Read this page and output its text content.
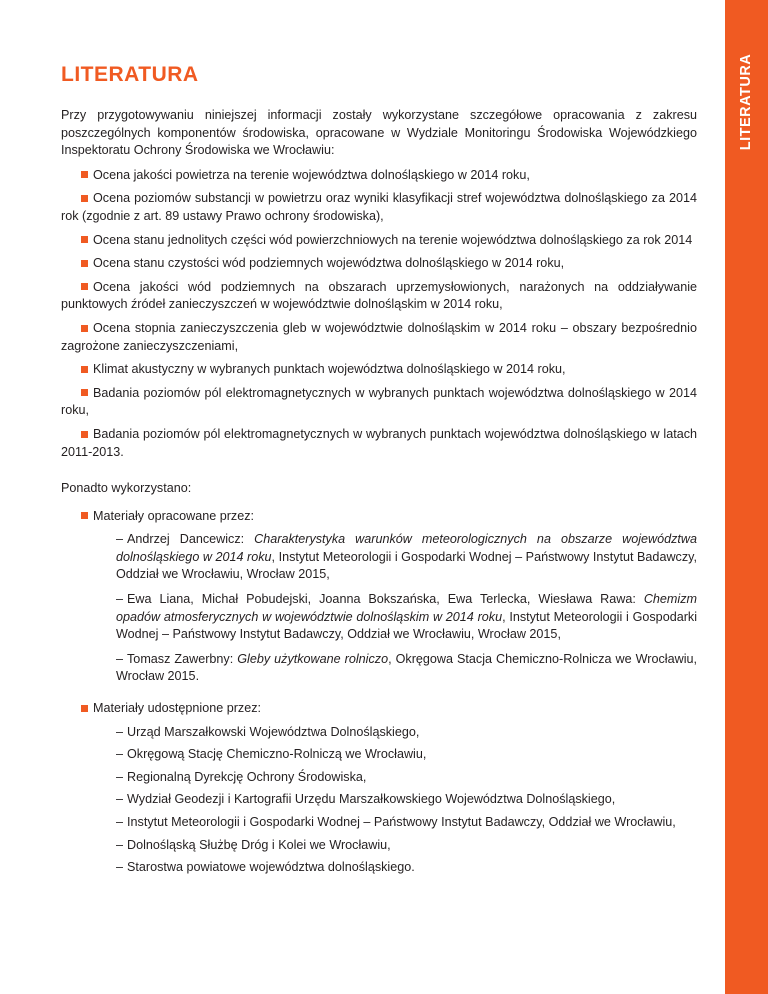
LITERATURA
LITERATURA

Przy przygotowywaniu niniejszej informacji zostały wykorzystane szczegółowe opracowania z zakresu poszczególnych komponentów środowiska, opracowane w Wydziale Monitoringu Środowiska Wojewódzkiego Inspektoratu Ochrony Środowiska we Wrocławiu:

Ocena jakości powietrza na terenie województwa dolnośląskiego w 2014 roku,

Ocena poziomów substancji w powietrzu oraz wyniki klasyfikacji stref województwa dolnośląskiego za 2014 rok (zgodnie z art. 89 ustawy Prawo ochrony środowiska),

Ocena stanu jednolitych części wód powierzchniowych na terenie województwa dolnośląskiego za rok 2014

Ocena stanu czystości wód podziemnych województwa dolnośląskiego w 2014 roku,

Ocena jakości wód podziemnych na obszarach uprzemysłowionych, narażonych na oddziaływanie punktowych źródeł zanieczyszczeń w województwie dolnośląskim w 2014 roku,

Ocena stopnia zanieczyszczenia gleb w województwie dolnośląskim w 2014 roku – obszary bezpośrednio zagrożone zanieczyszczeniami,

Klimat akustyczny w wybranych punktach województwa dolnośląskiego w 2014 roku,

Badania poziomów pól elektromagnetycznych w wybranych punktach województwa dolnośląskiego w 2014 roku,

Badania poziomów pól elektromagnetycznych w wybranych punktach województwa dolnośląskiego w latach 2011-2013.

Ponadto wykorzystano:

Materiały opracowane przez:

– Andrzej Dancewicz: Charakterystyka warunków meteorologicznych na obszarze województwa dolnośląskiego w 2014 roku, Instytut Meteorologii i Gospodarki Wodnej – Państwowy Instytut Badawczy, Oddział we Wrocławiu, Wrocław 2015,

– Ewa Liana, Michał Pobudejski, Joanna Bokszańska, Ewa Terlecka, Wiesława Rawa: Chemizm opadów atmosferycznych w województwie dolnośląskim w 2014 roku, Instytut Meteorologii i Gospodarki Wodnej – Państwowy Instytut Badawczy, Oddział we Wrocławiu, Wrocław 2015,

– Tomasz Zawerbny: Gleby użytkowane rolniczo, Okręgowa Stacja Chemiczno-Rolnicza we Wrocławiu, Wrocław 2015.

Materiały udostępnione przez:

– Urząd Marszałkowski Województwa Dolnośląskiego,

– Okręgową Stację Chemiczno-Rolniczą we Wrocławiu,

– Regionalną Dyrekcję Ochrony Środowiska,

– Wydział Geodezji i Kartografii Urzędu Marszałkowskiego Województwa Dolnośląskiego,

– Instytut Meteorologii i Gospodarki Wodnej – Państwowy Instytut Badawczy, Oddział we Wrocławiu,

– Dolnośląską Służbę Dróg i Kolei we Wrocławiu,

– Starostwa powiatowe województwa dolnośląskiego.
